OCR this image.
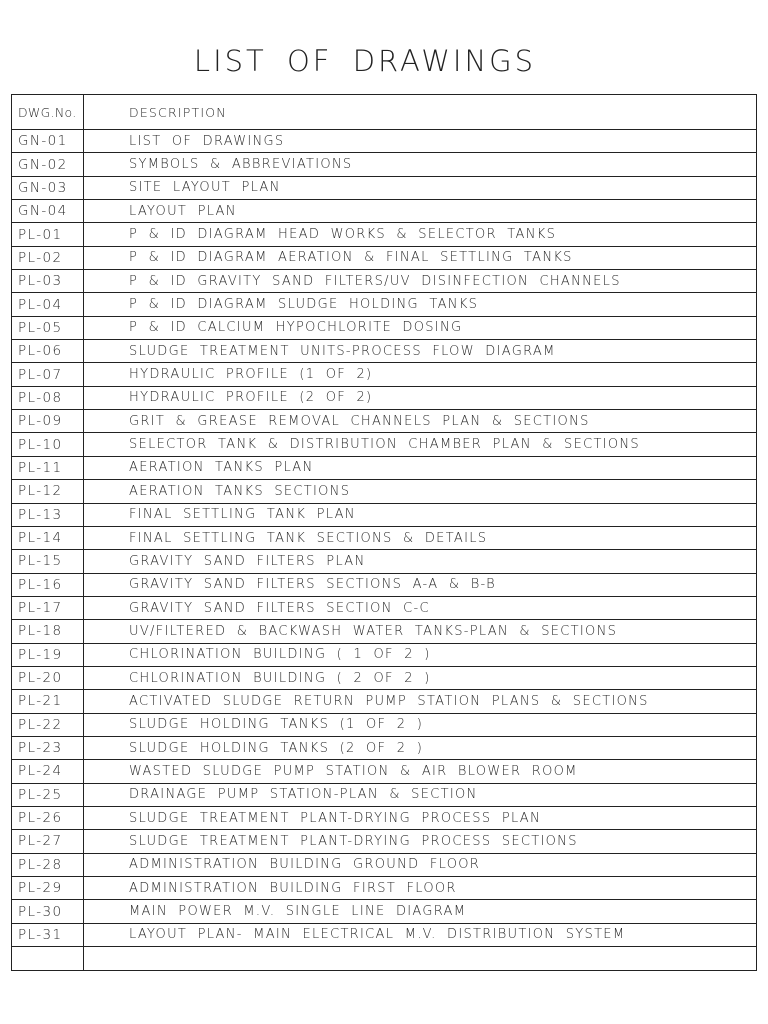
LIST OF DRAWINGS
DWG.No.	DESCRIPTION
GN-01	LIST OF DRAWINGS
GN-02	SYMBOLS & ABBREVIATIONS
GN-03	SITE LAYOUT PLAN
GN-04	LAYOUT PLAN
PL-01	P & ID DIAGRAM HEAD WORKS & SELECTOR TANKS
PL-02	P & ID DIAGRAM AERATION & FINAL SETTLING TANKS
PL-03	P & ID GRAVITY SAND FILTERS/UV DISINFECTION CHANNELS
PL-04	P & ID DIAGRAM SLUDGE HOLDING TANKS
PL-05	P & ID CALCIUM HYPOCHLORITE DOSING
PL-06	SLUDGE TREATMENT UNITS-PROCESS FLOW DIAGRAM
PL-07	HYDRAULIC PROFILE (1 OF 2)
PL-08	HYDRAULIC PROFILE (2 OF 2)
PL-09	GRIT & GREASE REMOVAL CHANNELS PLAN & SECTIONS
PL-10	SELECTOR TANK & DISTRIBUTION CHAMBER PLAN & SECTIONS
PL-11	AERATION TANKS PLAN
PL-12	AERATION TANKS SECTIONS
PL-13	FINAL SETTLING TANK PLAN
PL-14	FINAL SETTLING TANK SECTIONS & DETAILS
PL-15	GRAVITY SAND FILTERS PLAN
PL-16	GRAVITY SAND FILTERS SECTIONS A-A & B-B
PL-17	GRAVITY SAND FILTERS SECTION C-C
PL-18	UV/FILTERED & BACKWASH WATER TANKS-PLAN & SECTIONS
PL-19	CHLORINATION BUILDING ( 1 OF 2 )
PL-20	CHLORINATION BUILDING ( 2 OF 2 )
PL-21	ACTIVATED SLUDGE RETURN PUMP STATION PLANS & SECTIONS
PL-22	SLUDGE HOLDING TANKS (1 OF 2 )
PL-23	SLUDGE HOLDING TANKS (2 OF 2 )
PL-24	WASTED SLUDGE PUMP STATION & AIR BLOWER ROOM
PL-25	DRAINAGE PUMP STATION-PLAN & SECTION
PL-26	SLUDGE TREATMENT PLANT-DRYING PROCESS PLAN
PL-27	SLUDGE TREATMENT PLANT-DRYING PROCESS SECTIONS
PL-28	ADMINISTRATION BUILDING GROUND FLOOR
PL-29	ADMINISTRATION BUILDING FIRST FLOOR
PL-30	MAIN POWER M.V. SINGLE LINE DIAGRAM
PL-31	LAYOUT PLAN- MAIN ELECTRICAL M.V. DISTRIBUTION SYSTEM
